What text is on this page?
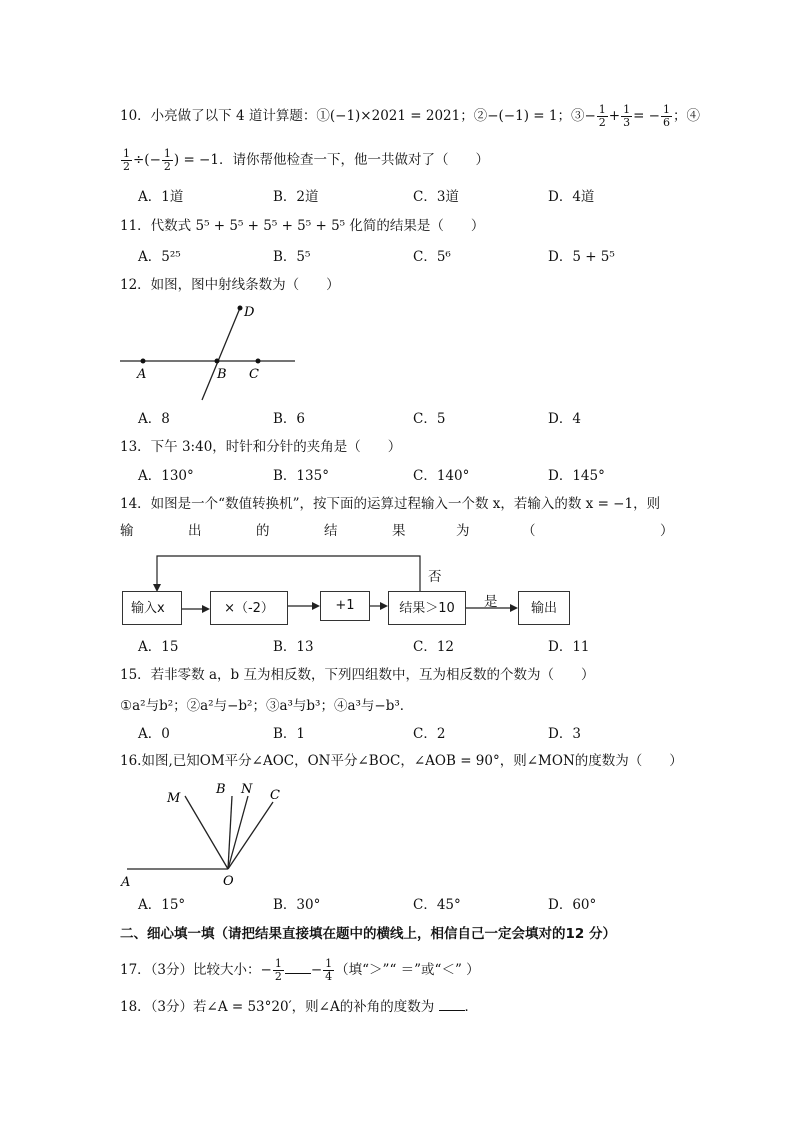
10．小亮做了以下 4 道计算题：①(−1)×2021 = 2021；②−(−1) = 1；③− $\frac{1}{2} + \frac{1}{3}$ = − $\frac{1}{6}$ ；④
$\frac{1}{2}$ ÷(− $\frac{1}{2}$ ) = −1．请你帮他检查一下，他一共做对了（　　）
A．1道	B．2道	C．3道	D．4道
11．代数式 5⁵ + 5⁵ + 5⁵ + 5⁵ + 5⁵ 化简的结果是（　　）
A．5²⁵	B．5⁵	C．5⁶	D．5 + 5⁵
12．如图，图中射线条数为（　　）
A	B C
D
A．8	B．6	C．5	D．4
13．下午 3:40，时针和分针的夹角是（　　）
A．130°	B．135°	C．140°	D．145°
14．如图是一个“数值转换机”，按下面的运算过程输入一个数 x，若输入的数 x = −1，则
输	出	的	结	果	为	（	）
否
是
输入x	×（-2）	+1	结果＞10	输出
A．15	B．13	C．12	D．11
15．若非零数 a，b 互为相反数，下列四组数中，互为相反数的个数为（　　）
①a²与b²；②a²与−b²；③a³与b³；④a³与−b³．
A．0	B．1	C．2	D．3
16.如图,已知OM平分∠AOC，ON平分∠BOC，∠AOB = 90°，则∠MON的度数为（　　）
M
B N C
A	O
A．15°	B．30°	C．45°	D．60°
二、细心填一填（请把结果直接填在题中的横线上，相信自己一定会填对的12 分）
17．（3分）比较大小：− $\frac{1}{2} - \frac{1}{4}$ （填“＞”“ ＝”或“＜” ）
18．（3分）若∠A = 53°20′，则∠A的补角的度数为 ．
